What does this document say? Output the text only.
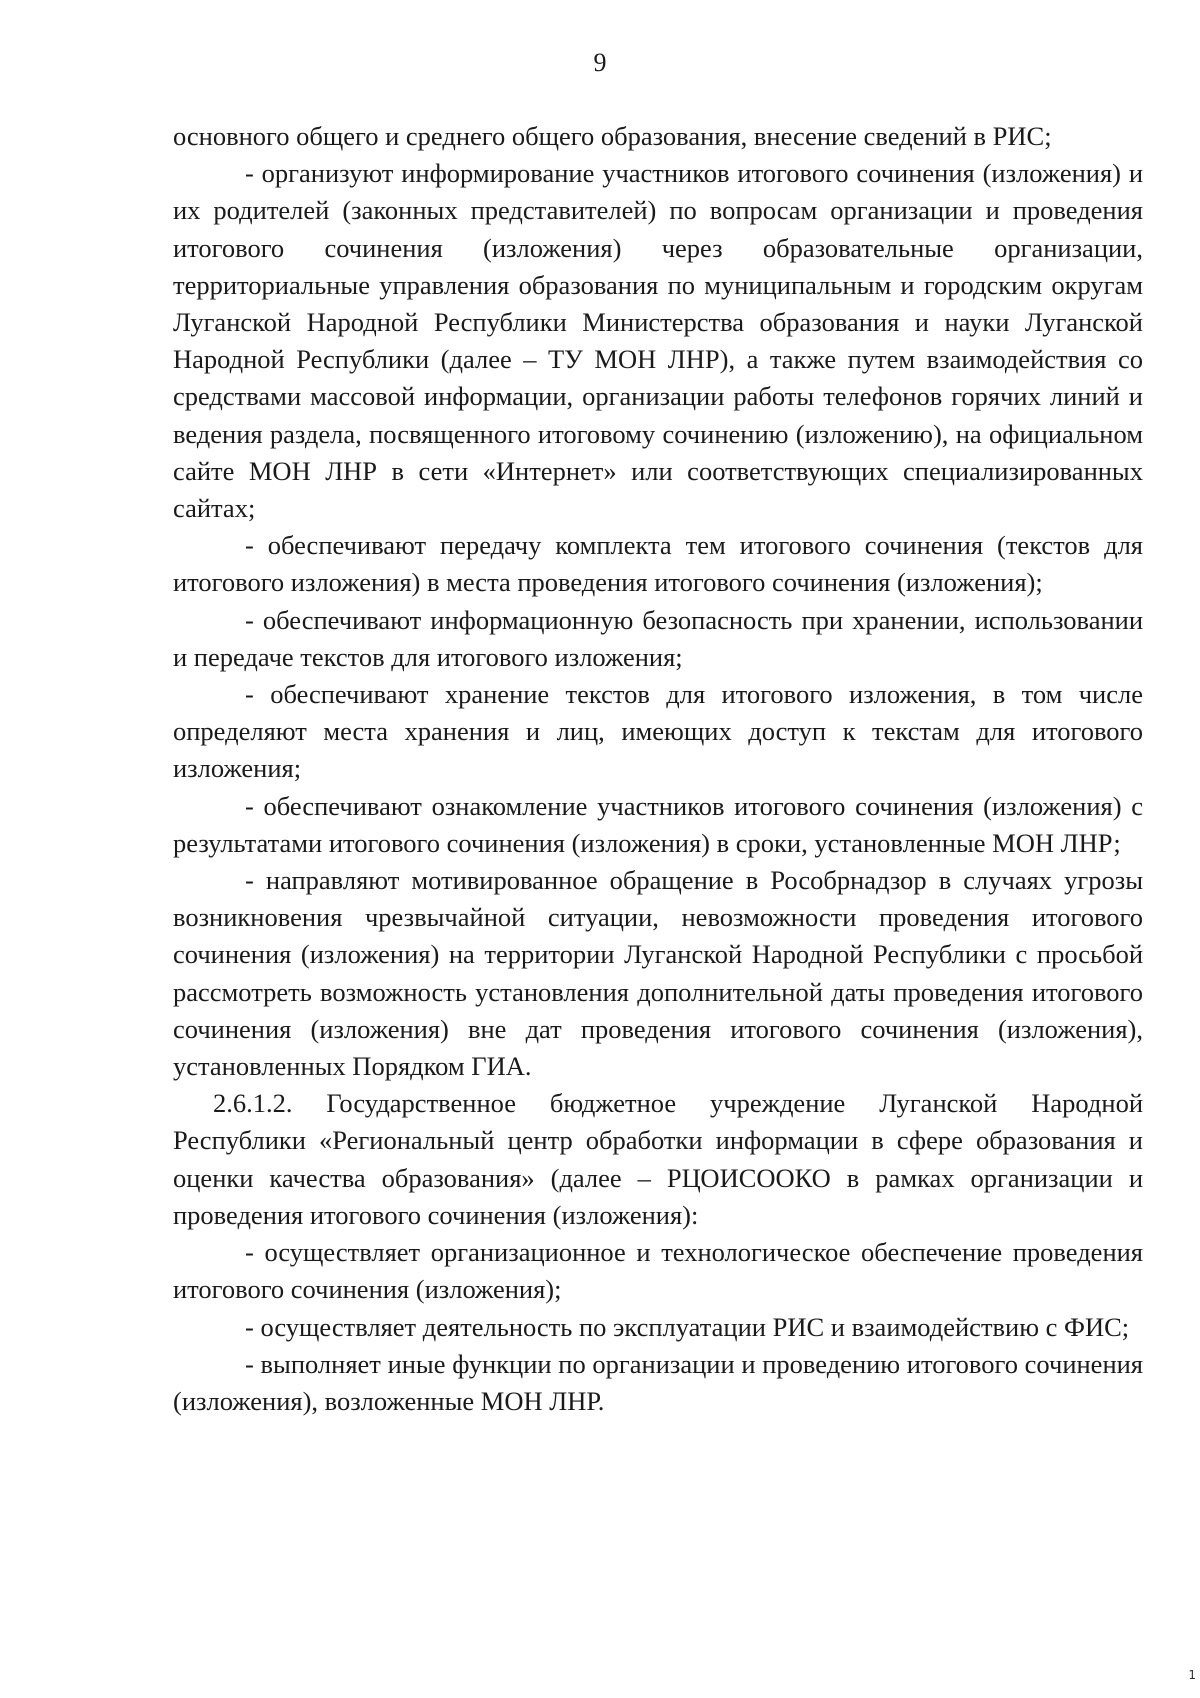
9

основного общего и среднего общего образования, внесение сведений в РИС;

- организуют информирование участников итогового сочинения (изложения) и их родителей (законных представителей) по вопросам организации и проведения итогового сочинения (изложения) через образовательные организации, территориальные управления образования по муниципальным и городским округам Луганской Народной Республики Министерства образования и науки Луганской Народной Республики (далее – ТУ МОН ЛНР), а также путем взаимодействия со средствами массовой информации, организации работы телефонов горячих линий и ведения раздела, посвященного итоговому сочинению (изложению), на официальном сайте МОН ЛНР в сети «Интернет» или соответствующих специализированных сайтах;

- обеспечивают передачу комплекта тем итогового сочинения (текстов для итогового изложения) в места проведения итогового сочинения (изложения);

- обеспечивают информационную безопасность при хранении, использовании и передаче текстов для итогового изложения;

- обеспечивают хранение текстов для итогового изложения, в том числе определяют места хранения и лиц, имеющих доступ к текстам для итогового изложения;

- обеспечивают ознакомление участников итогового сочинения (изложения) с результатами итогового сочинения (изложения) в сроки, установленные МОН ЛНР;

- направляют мотивированное обращение в Рособрнадзор в случаях угрозы возникновения чрезвычайной ситуации, невозможности проведения итогового сочинения (изложения) на территории Луганской Народной Республики с просьбой рассмотреть возможность установления дополнительной даты проведения итогового сочинения (изложения) вне дат проведения итогового сочинения (изложения), установленных Порядком ГИА.

2.6.1.2. Государственное бюджетное учреждение Луганской Народной Республики «Региональный центр обработки информации в сфере образования и оценки качества образования» (далее – РЦОИСООКО в рамках организации и проведения итогового сочинения (изложения):

- осуществляет организационное и технологическое обеспечение проведения итогового сочинения (изложения);

- осуществляет деятельность по эксплуатации РИС и взаимодействию с ФИС;

- выполняет иные функции по организации и проведению итогового сочинения (изложения), возложенные МОН ЛНР.

1
